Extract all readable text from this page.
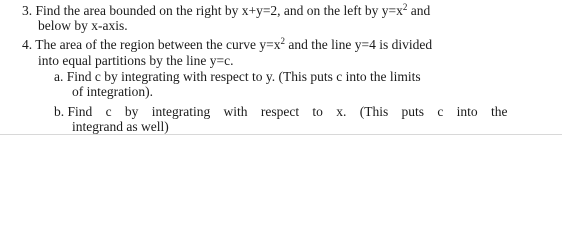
3. Find the area bounded on the right by x+y=2, and on the left by $y=x^2$ and
below by x-axis.
4. The area of the region between the curve $y=x^2$ and the line y=4 is divided
into equal partitions by the line y=c.
a. Find c by integrating with respect to y. (This puts c into the limits
of integration).
b. Find c by integrating with respect to x. (This puts c into the
integrand as well)
